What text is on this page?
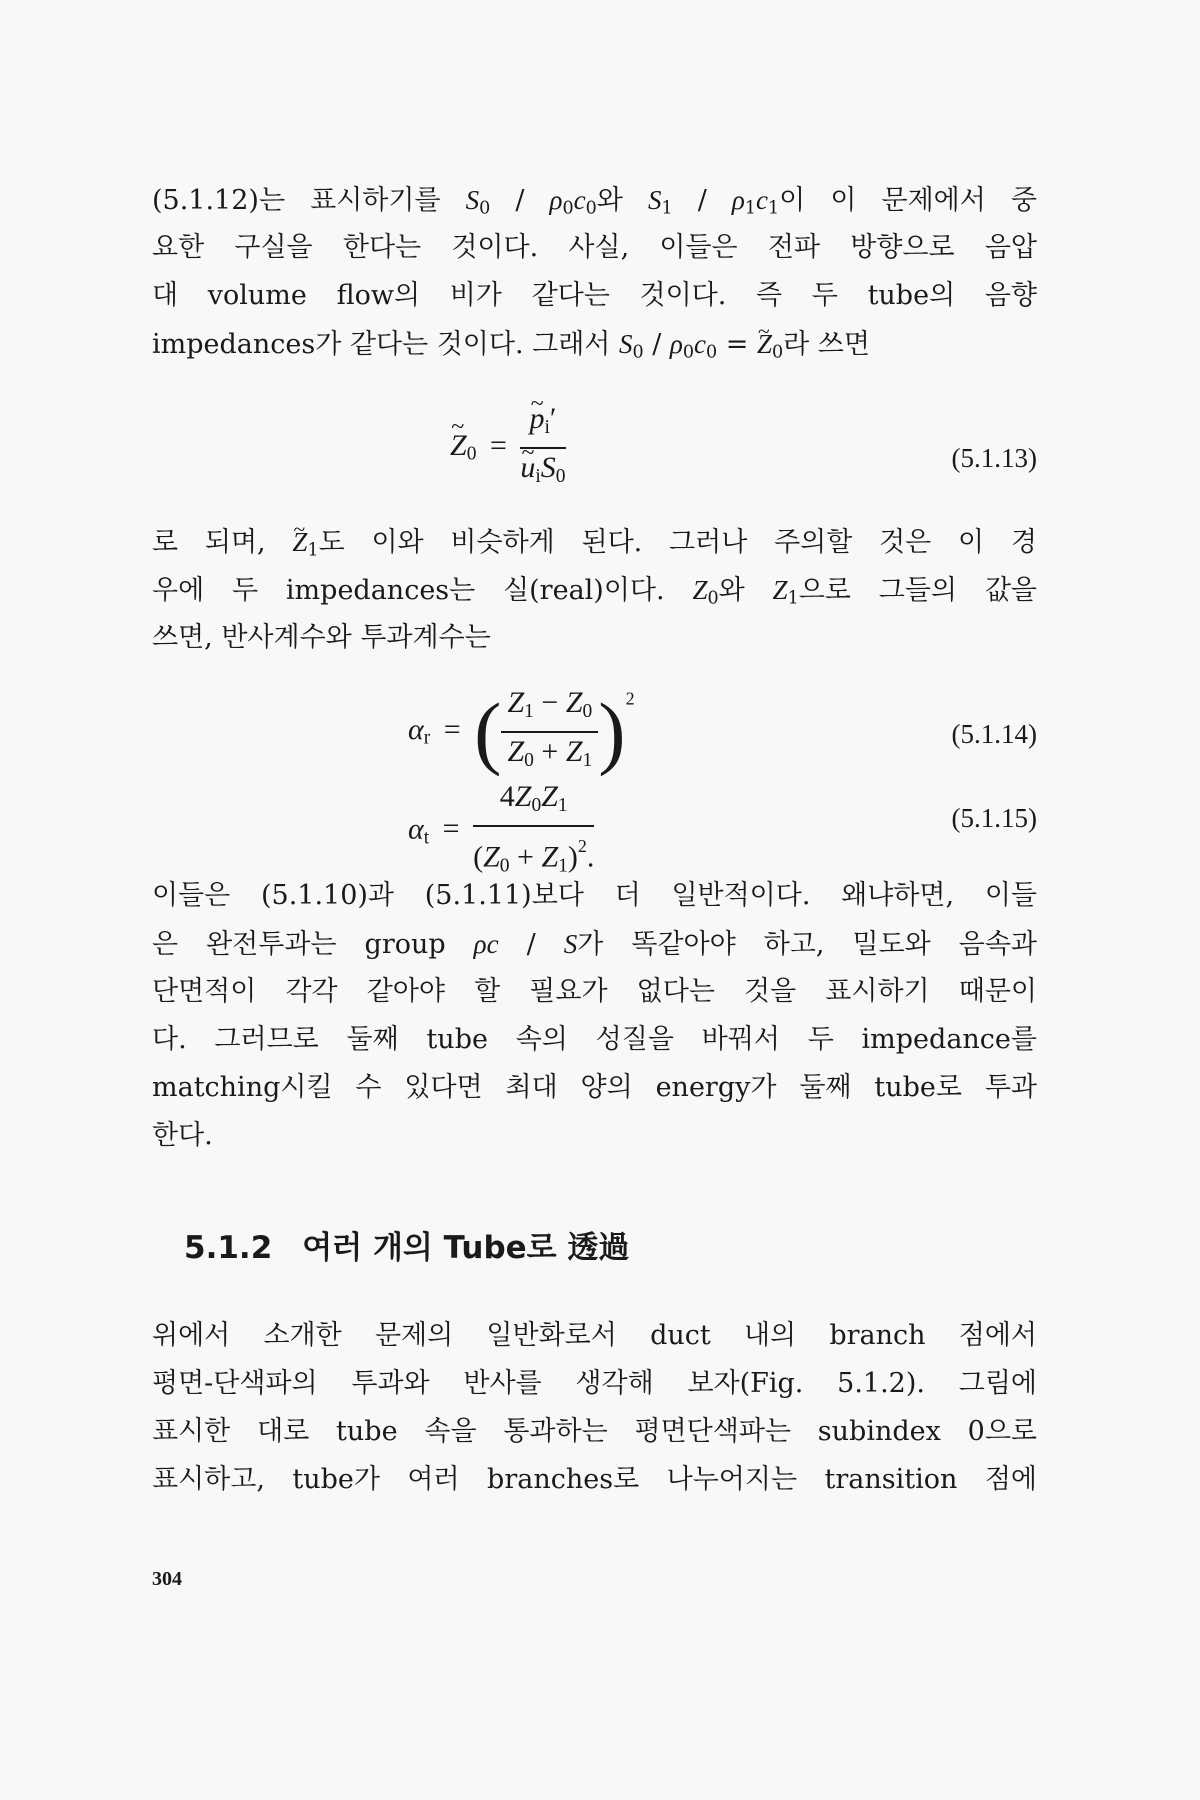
(5.1.12)는 표시하기를 $S_0 / \rho_0c_0$와 $S_1 / \rho_1c_1$이 이 문제에서 중
요한 구실을 한다는 것이다. 사실, 이들은 전파 방향으로 음압
대 volume flow의 비가 같다는 것이다. 즉 두 tube의 음향
impedances가 같다는 것이다. 그래서 $S_0 / \rho_0c_0$ = ~ $Z_0$라 쓰면
~ $Z_0$ =
~ $p_i'$
~ $u_iS_0$	(5.1.13)
로 되며, ~ $Z_1$도 이와 비슷하게 된다. 그러나 주의할 것은 이 경
우에 두 impedances는 실(real)이다. $Z_0$와 $Z_1$으로 그들의 값을
쓰면, 반사계수와 투과계수는
$\alpha_r$ = ( $\frac{Z_1 - Z_0}{Z_0 + Z_1} )^2$
(5.1.14)
$\alpha_t = \frac{4Z_0Z_1}{(Z_0 + Z_1)^2.}$	(5.1.15)
이들은 (5.1.10)과 (5.1.11)보다 더 일반적이다. 왜냐하면, 이들
은 완전투과는 group ρc / S가 똑같아야 하고, 밀도와 음속과
단면적이 각각 같아야 할 필요가 없다는 것을 표시하기 때문이
다. 그러므로 둘째 tube 속의 성질을 바꿔서 두 impedance를
matching시킬 수 있다면 최대 양의 energy가 둘째 tube로 투과
한다.
5.1.2 여러 개의 Tube로 透過
위에서 소개한 문제의 일반화로서 duct 내의 branch 점에서
평면-단색파의 투과와 반사를 생각해 보자(Fig. 5.1.2). 그림에
표시한 대로 tube 속을 통과하는 평면단색파는 subindex 0으로
표시하고, tube가 여러 branches로 나누어지는 transition 점에
304
